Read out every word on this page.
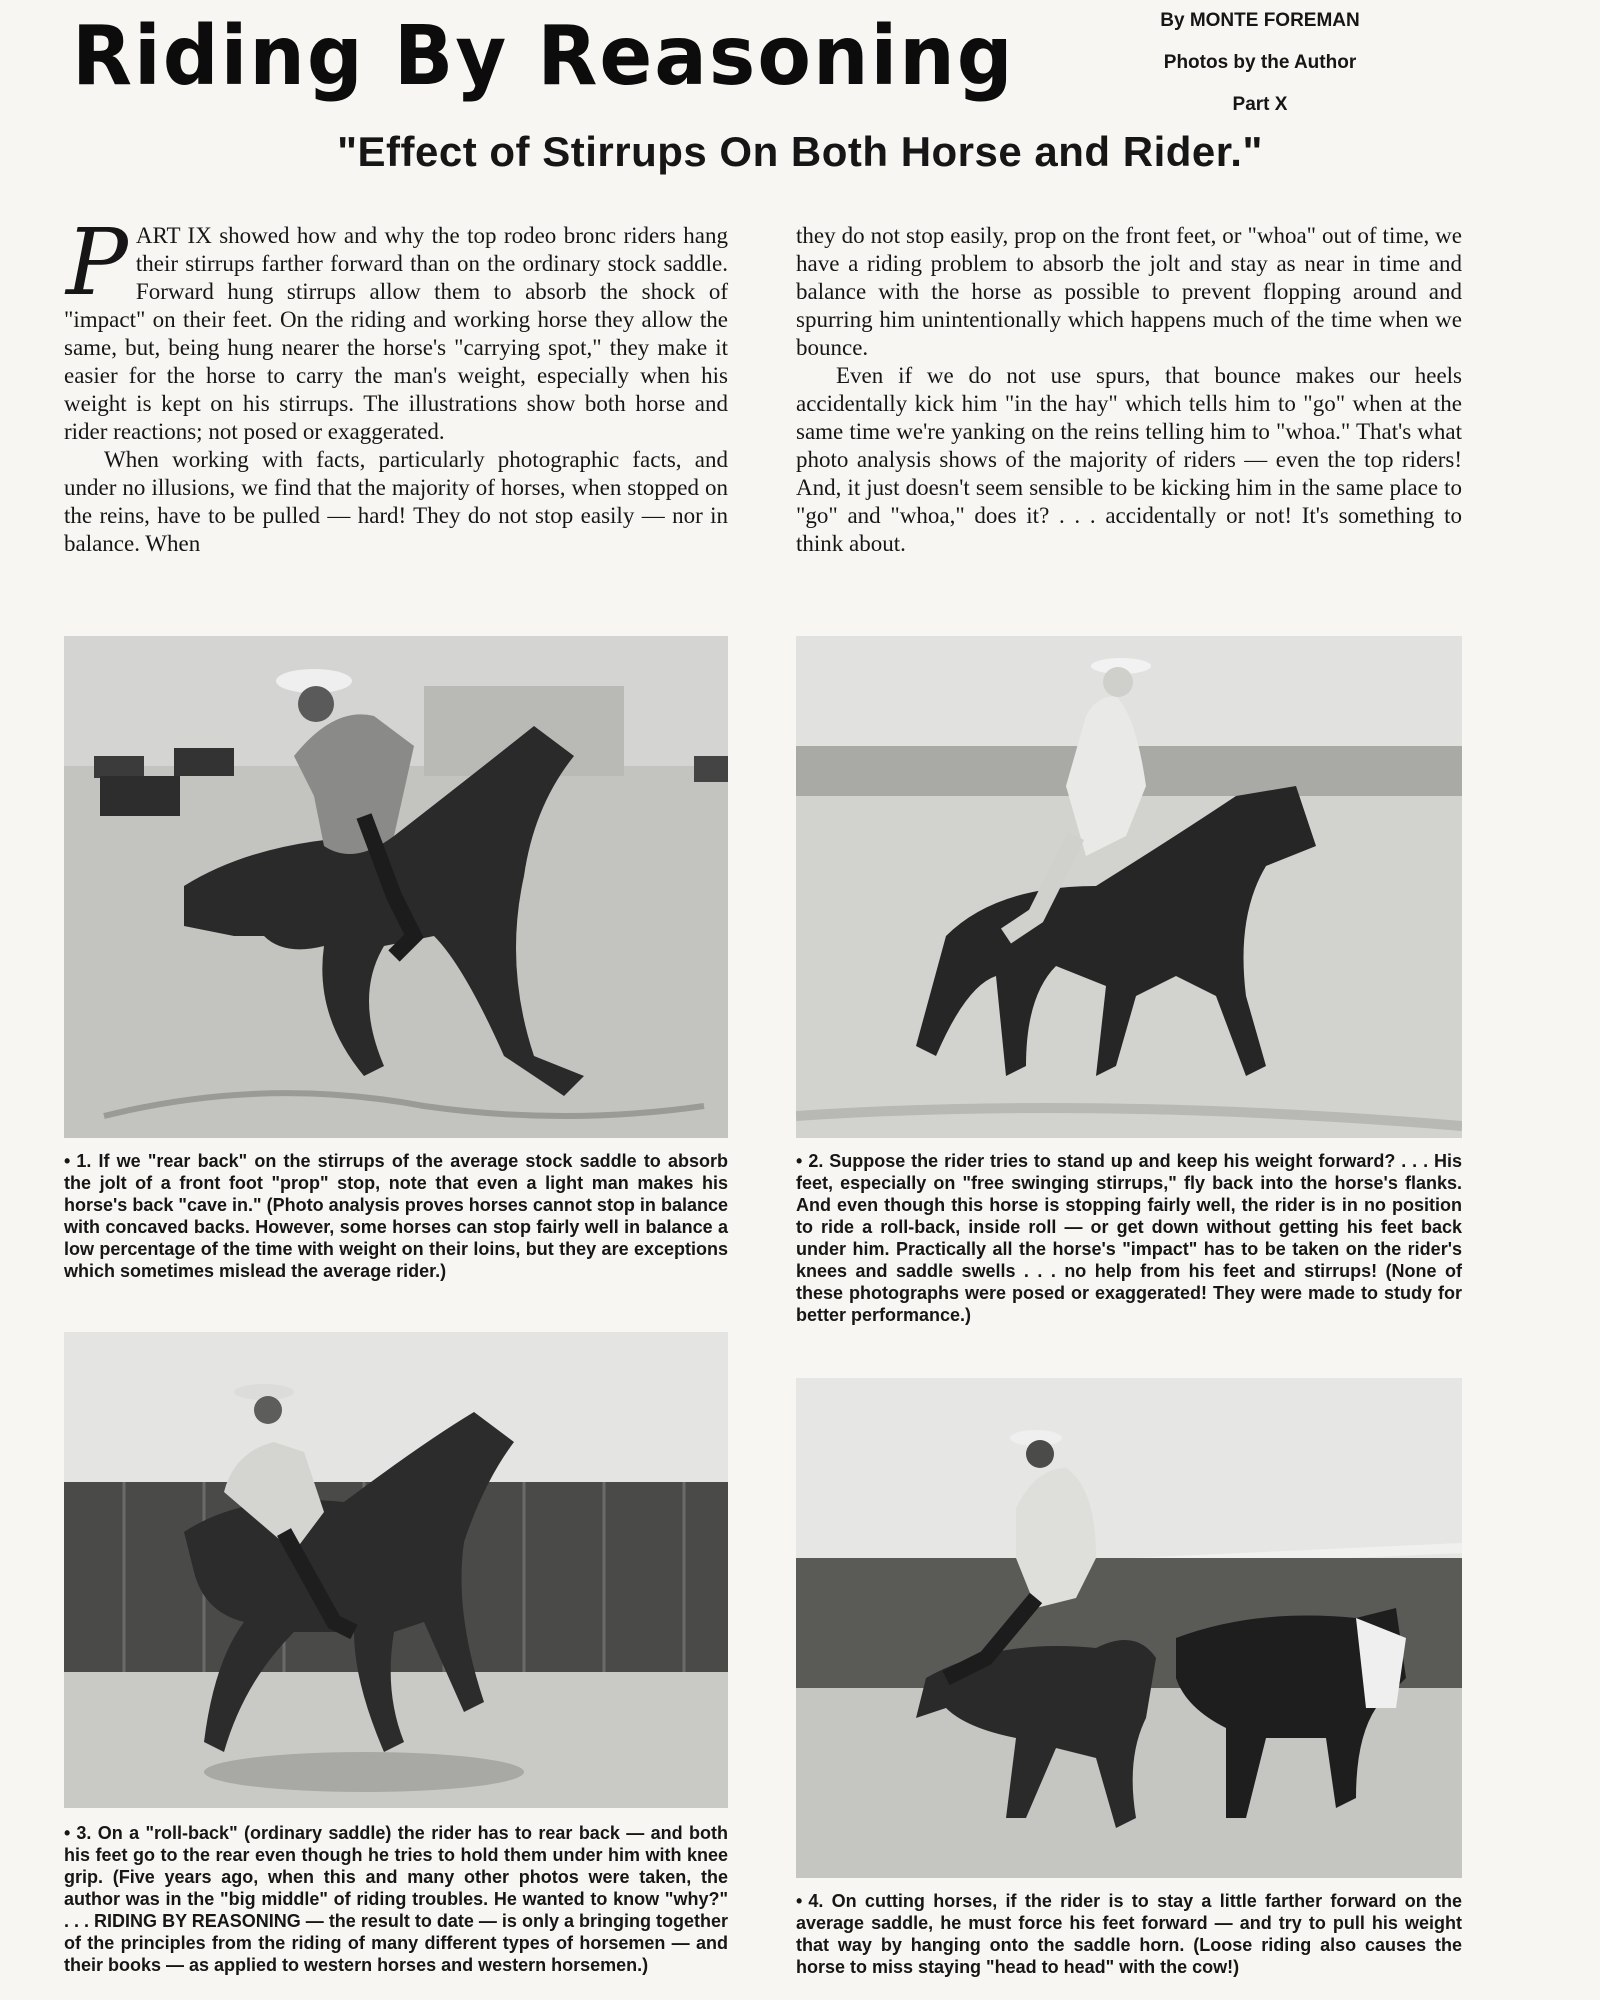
Riding By Reasoning	By MONTE FOREMAN
Photos by the Author
Part X
"Effect of Stirrups On Both Horse and Rider."

PART IX showed how and why the top rodeo bronc riders hang their stirrups farther forward than on the ordinary stock saddle. Forward hung stirrups allow them to absorb the shock of "impact" on their feet. On the riding and working horse they allow the same, but, being hung nearer the horse's "carrying spot," they make it easier for the horse to carry the man's weight, especially when his weight is kept on his stirrups. The illustrations show both horse and rider reactions; not posed or exaggerated.

When working with facts, particularly photographic facts, and under no illusions, we find that the majority of horses, when stopped on the reins, have to be pulled — hard! They do not stop easily — nor in balance. When

they do not stop easily, prop on the front feet, or "whoa" out of time, we have a riding problem to absorb the jolt and stay as near in time and balance with the horse as possible to prevent flopping around and spurring him unintentionally which happens much of the time when we bounce.

Even if we do not use spurs, that bounce makes our heels accidentally kick him "in the hay" which tells him to "go" when at the same time we're yanking on the reins telling him to "whoa." That's what photo analysis shows of the majority of riders — even the top riders! And, it just doesn't seem sensible to be kicking him in the same place to "go" and "whoa," does it? . . . accidentally or not! It's something to think about.

• 1. If we "rear back" on the stirrups of the average stock saddle to absorb the jolt of a front foot "prop" stop, note that even a light man makes his horse's back "cave in." (Photo analysis proves horses cannot stop in balance with concaved backs. However, some horses can stop fairly well in balance a low percentage of the time with weight on their loins, but they are exceptions which sometimes mislead the average rider.)
• 2. Suppose the rider tries to stand up and keep his weight forward? . . . His feet, especially on "free swinging stirrups," fly back into the horse's flanks. And even though this horse is stopping fairly well, the rider is in no position to ride a roll-back, inside roll — or get down without getting his feet back under him. Practically all the horse's "impact" has to be taken on the rider's knees and saddle swells . . . no help from his feet and stirrups! (None of these photographs were posed or exaggerated! They were made to study for better performance.)
• 3. On a "roll-back" (ordinary saddle) the rider has to rear back — and both his feet go to the rear even though he tries to hold them under him with knee grip. (Five years ago, when this and many other photos were taken, the author was in the "big middle" of riding troubles. He wanted to know "why?" . . . RIDING BY REASONING — the result to date — is only a bringing together of the principles from the riding of many different types of horsemen — and their books — as applied to western horses and western horsemen.)
• 4. On cutting horses, if the rider is to stay a little farther forward on the average saddle, he must force his feet forward — and try to pull his weight that way by hanging onto the saddle horn. (Loose riding also causes the horse to miss staying "head to head" with the cow!)
